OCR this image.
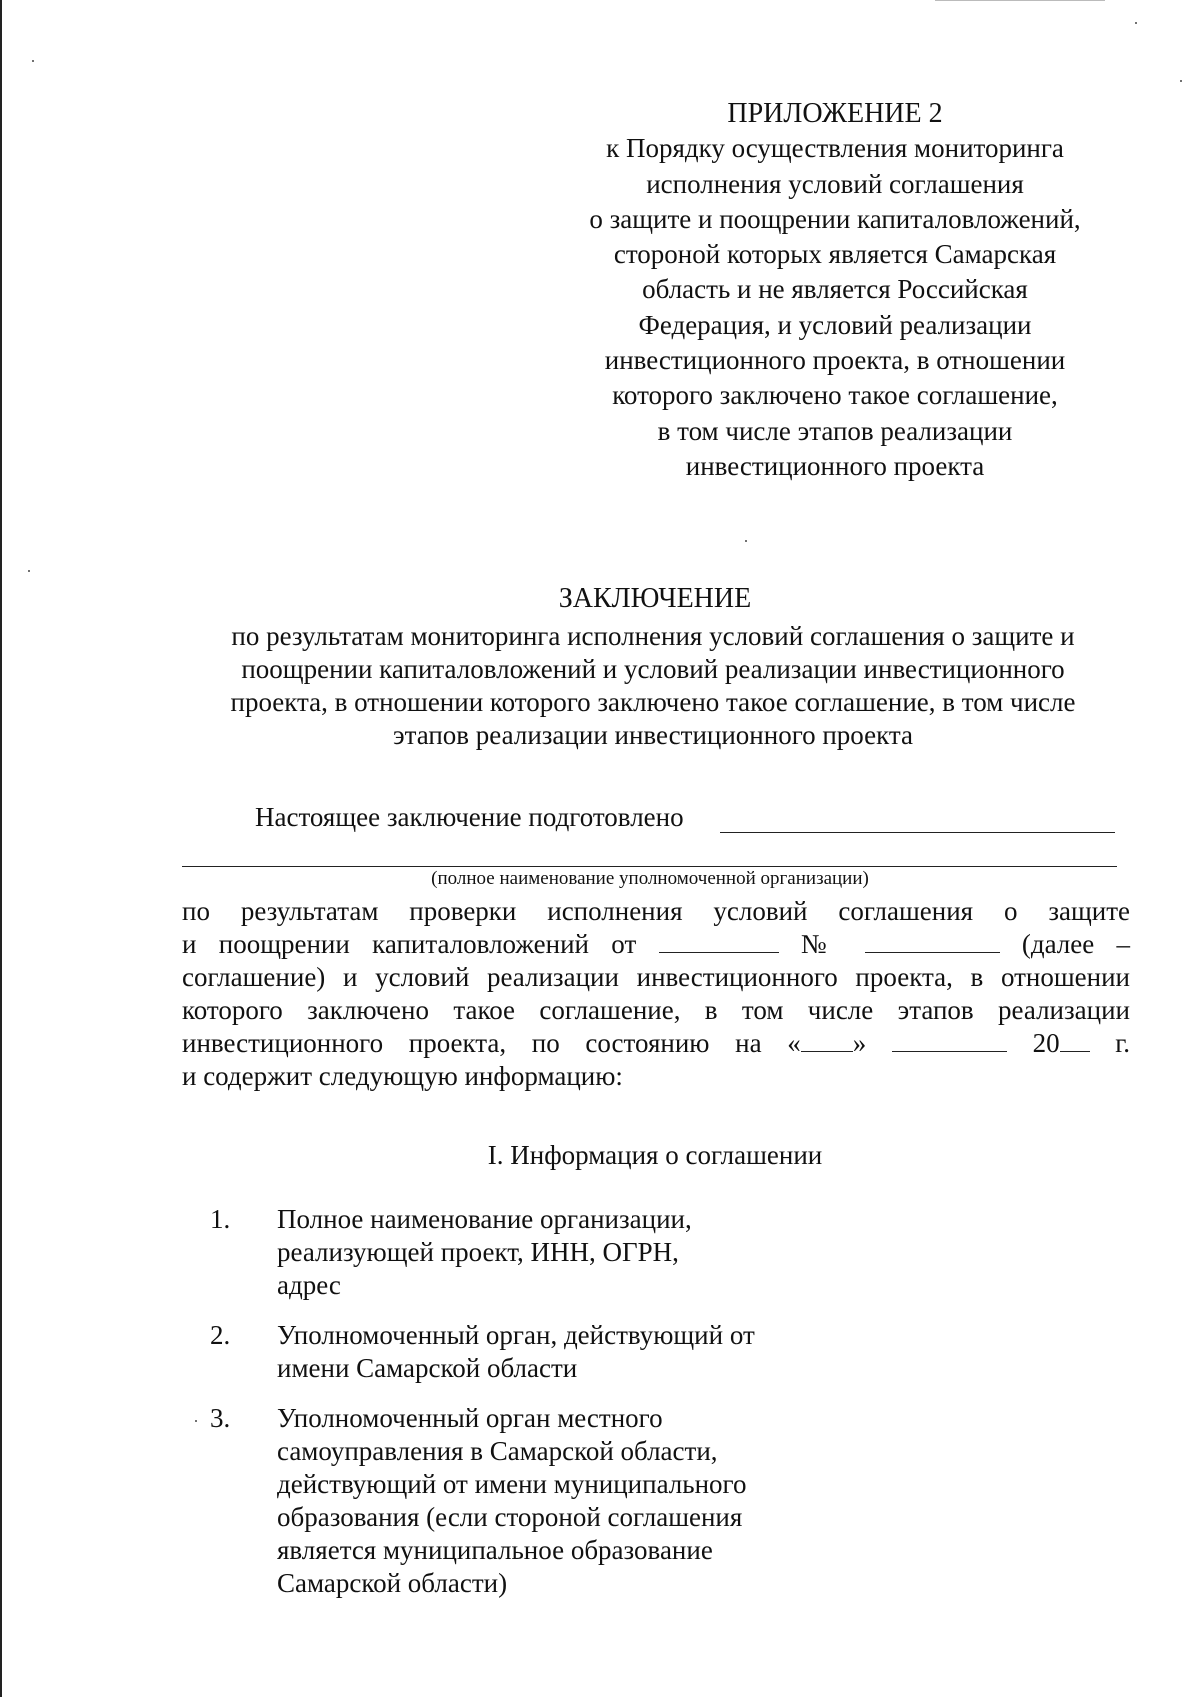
ПРИЛОЖЕНИЕ 2
к Порядку осуществления мониторинга
исполнения условий соглашения
о защите и поощрении капиталовложений,
стороной которых является Самарская
область и не является Российская
Федерация, и условий реализации
инвестиционного проекта, в отношении
которого заключено такое соглашение,
в том числе этапов реализации
инвестиционного проекта
ЗАКЛЮЧЕНИЕ
по результатам мониторинга исполнения условий соглашения о защите и
поощрении капиталовложений и условий реализации инвестиционного
проекта, в отношении которого заключено такое соглашение, в том числе
этапов реализации инвестиционного проекта
Настоящее заключение подготовлено
(полное наименование уполномоченной организации)
по результатам проверки исполнения условий соглашения о защите
и поощрении капиталовложений от	№	(далее –
соглашение) и условий реализации инвестиционного проекта, в отношении
которого заключено такое соглашение, в том числе этапов реализации
инвестиционного проекта, по состоянию на « »	20 г.
и содержит следующую информацию:
I. Информация о соглашении
1.	Полное наименование организации, реализующей проект, ИНН, ОГРН, адрес
2.	Уполномоченный орган, действующий от имени Самарской области
3.	Уполномоченный орган местного самоуправления в Самарской области, действующий от имени муниципального образования (если стороной соглашения является муниципальное образование Самарской области)
